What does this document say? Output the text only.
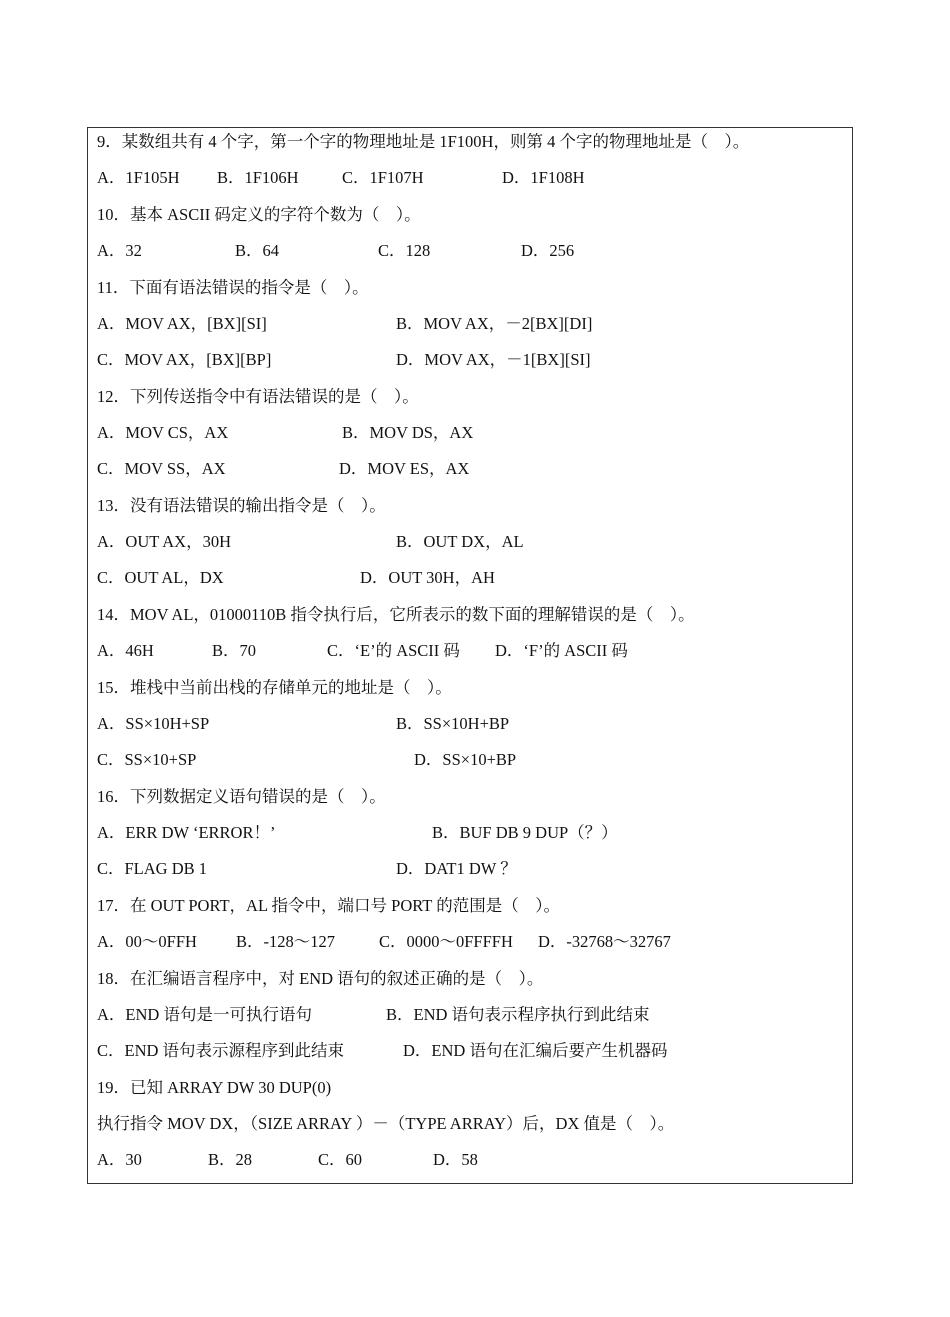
9．某数组共有 4 个字，第一个字的物理地址是 1F100H，则第 4 个字的物理地址是（　）。
A．1F105H B．1F106H	C．1F107H	D．1F108H
10．基本 ASCII 码定义的字符个数为（　）。
A．32	B．64	C．128	D．256
11．下面有语法错误的指令是（　）。
A．MOV AX，[BX][SI]	B．MOV AX，－2[BX][DI]
C．MOV AX，[BX][BP]	D．MOV AX，－1[BX][SI]
12．下列传送指令中有语法错误的是（　）。
A．MOV CS，AX	B．MOV DS，AX
C．MOV SS，AX	D．MOV ES，AX
13．没有语法错误的输出指令是（　）。
A．OUT AX，30H	B．OUT DX，AL
C．OUT AL，DX	D．OUT 30H，AH
14．MOV AL，01000110B 指令执行后，它所表示的数下面的理解错误的是（　）。
A．46H	B．70	C．‘E’的 ASCII 码 D．‘F’的 ASCII 码
15．堆栈中当前出栈的存储单元的地址是（　）。
A．SS×10H+SP	B．SS×10H+BP
C．SS×10+SP	D．SS×10+BP
16．下列数据定义语句错误的是（　）。
A．ERR DW ‘ERROR！’	B．BUF DB 9 DUP（？）
C．FLAG DB 1	D．DAT1 DW ？
17．在 OUT PORT，AL 指令中，端口号 PORT 的范围是（　）。
A．00～0FFH B．-128～127	C．0000～0FFFFH D．-32768～32767
18．在汇编语言程序中，对 END 语句的叙述正确的是（　）。
A．END 语句是一可执行语句	B．END 语句表示程序执行到此结束
C．END 语句表示源程序到此结束	D．END 语句在汇编后要产生机器码
19．已知 ARRAY DW 30 DUP(0)
执行指令 MOV DX，（SIZE ARRAY ）－（TYPE ARRAY）后，DX 值是（　）。
A．30	B．28	C．60	D．58
